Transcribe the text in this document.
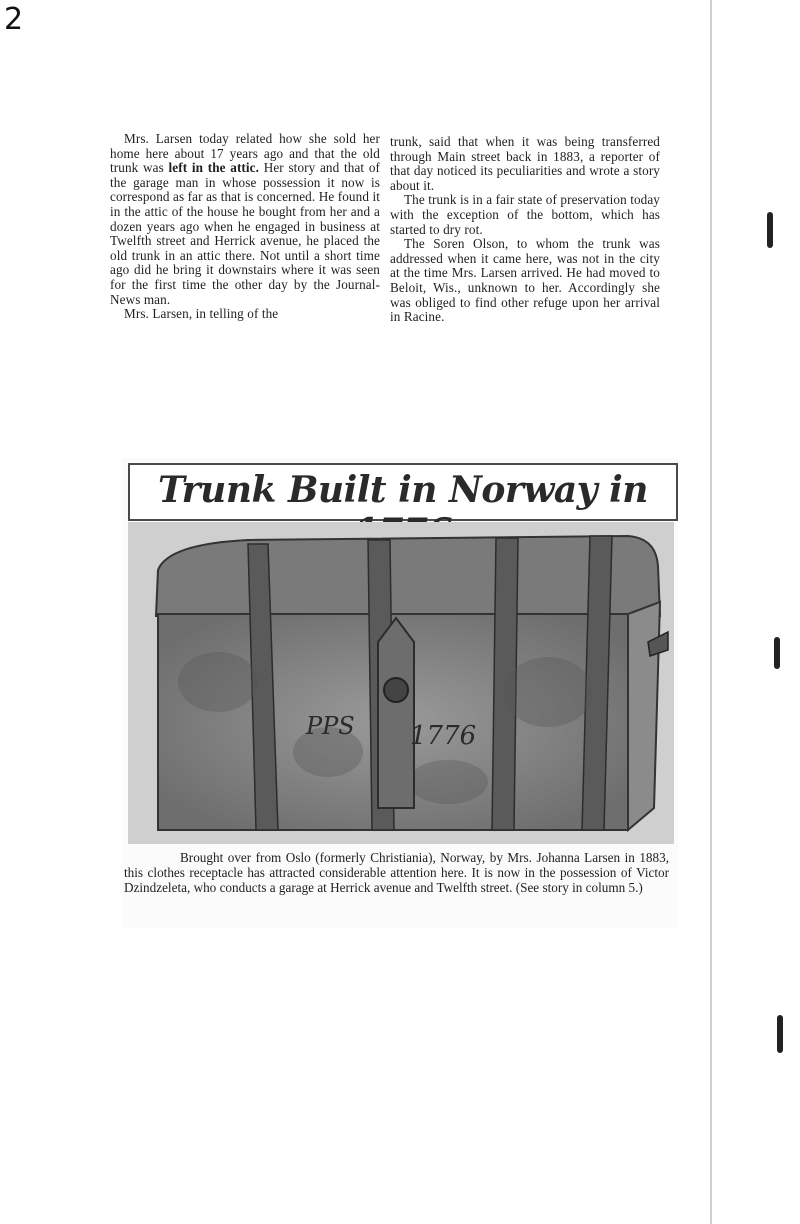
2

Mrs. Larsen today related how she sold her home here about 17 years ago and that the old trunk was left in the attic. Her story and that of the garage man in whose possession it now is correspond as far as that is concerned. He found it in the attic of the house he bought from her and a dozen years ago when he engaged in business at Twelfth street and Herrick avenue, he placed the old trunk in an attic there. Not until a short time ago did he bring it downstairs where it was seen for the first time the other day by the Journal-News man.

Mrs. Larsen, in telling of the

trunk, said that when it was being transferred through Main street back in 1883, a reporter of that day noticed its peculiarities and wrote a story about it.

The trunk is in a fair state of preservation today with the exception of the bottom, which has started to dry rot.

The Soren Olson, to whom the trunk was addressed when it came here, was not in the city at the time Mrs. Larsen arrived. He had moved to Beloit, Wis., unknown to her. Accordingly she was obliged to find other refuge upon her arrival in Racine.

Trunk Built in Norway in
PPS 1776

Brought over from Oslo (formerly Christiania), Norway, by Mrs. Johanna Larsen in 1883, this clothes receptacle has attracted considerable attention here. It is now in the possession of Victor Dzindzeleta, who conducts a garage at Herrick avenue and Twelfth street. (See story in column 5.)
